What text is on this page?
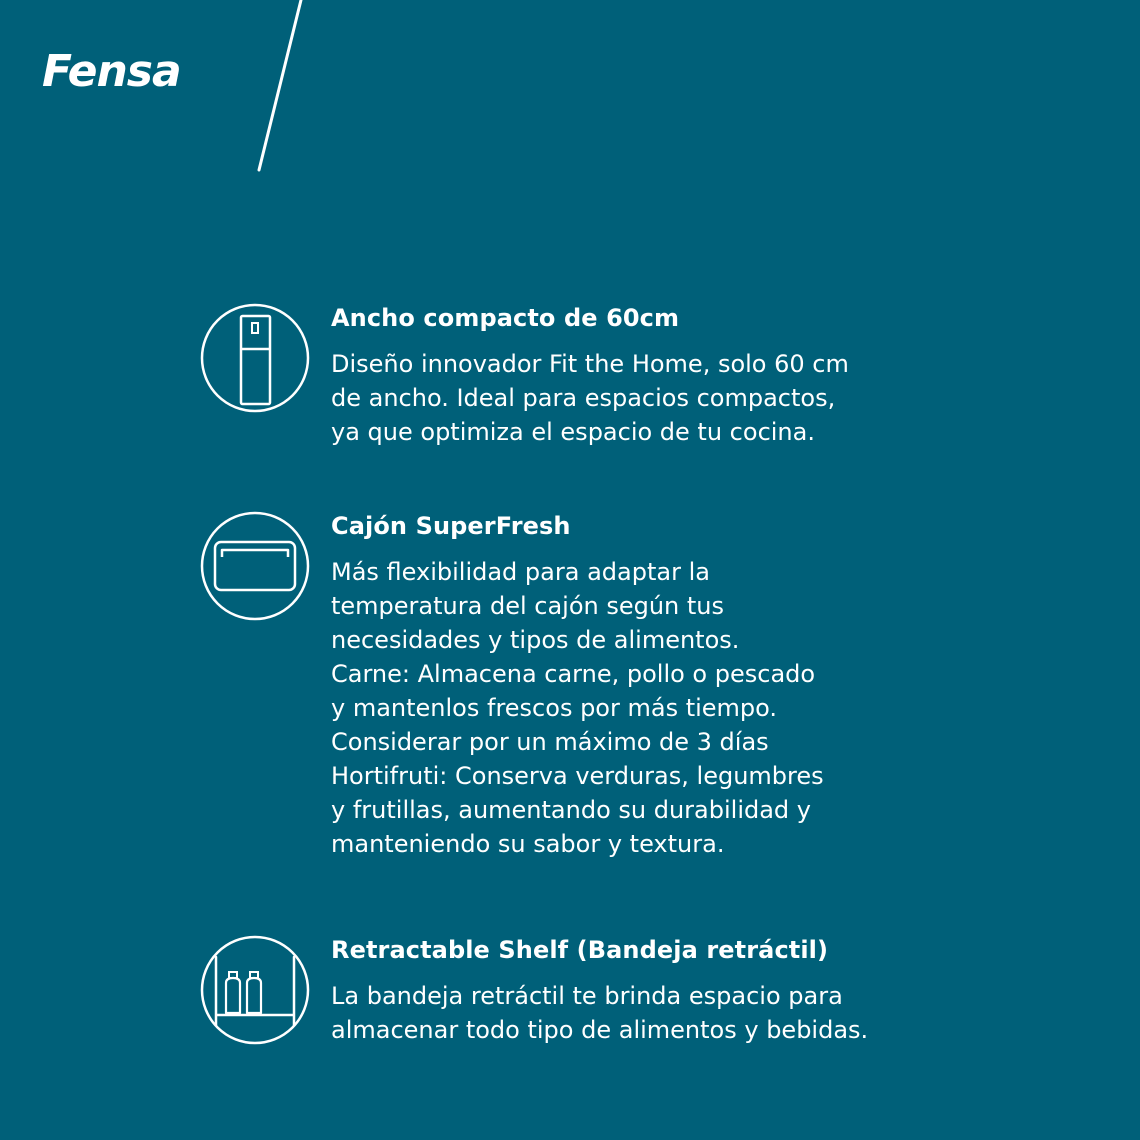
Fensa
Ancho compacto de 60cm

Diseño innovador Fit the Home, solo 60 cm

de ancho. Ideal para espacios compactos,

ya que optimiza el espacio de tu cocina.

Cajón SuperFresh

Más flexibilidad para adaptar la

temperatura del cajón según tus

necesidades y tipos de alimentos.

Carne: Almacena carne, pollo o pescado

y mantenlos frescos por más tiempo.

Considerar por un máximo de 3 días

Hortifruti: Conserva verduras, legumbres

y frutillas, aumentando su durabilidad y

manteniendo su sabor y textura.

Retractable Shelf (Bandeja retráctil)

La bandeja retráctil te brinda espacio para

almacenar todo tipo de alimentos y bebidas.
